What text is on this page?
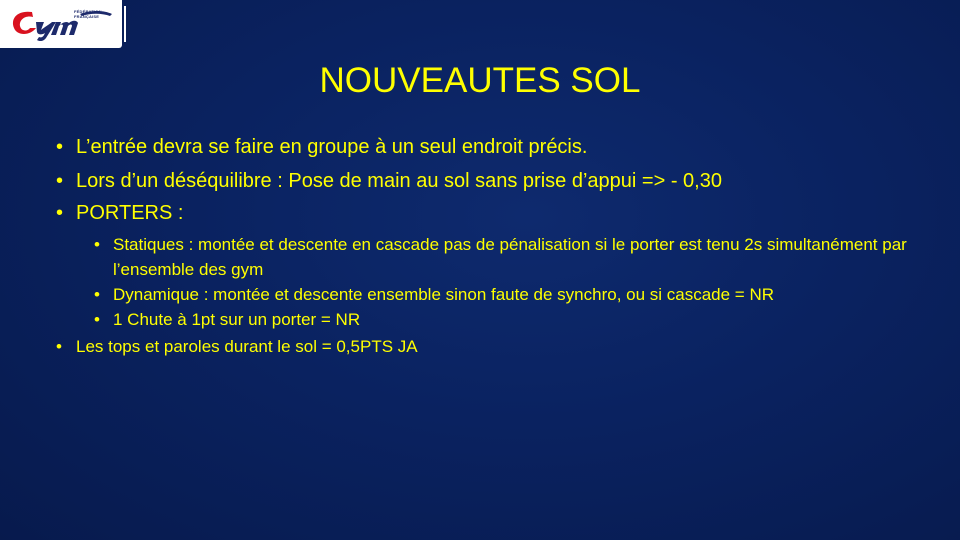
FÉDÉRATION
FRANÇAISE
NOUVEAUTES SOL
• L’entrée devra se faire en groupe à un seul endroit précis.
• Lors d’un déséquilibre : Pose de main au sol sans prise d’appui => - 0,30
• PORTERS :
• Statiques : montée et descente en cascade pas de pénalisation si le porter est tenu 2s simultanément par l’ensemble des gym
• Dynamique : montée et descente ensemble sinon faute de synchro, ou si cascade = NR
• 1 Chute à 1pt sur un porter = NR
• Les tops et paroles durant le sol = 0,5PTS JA
